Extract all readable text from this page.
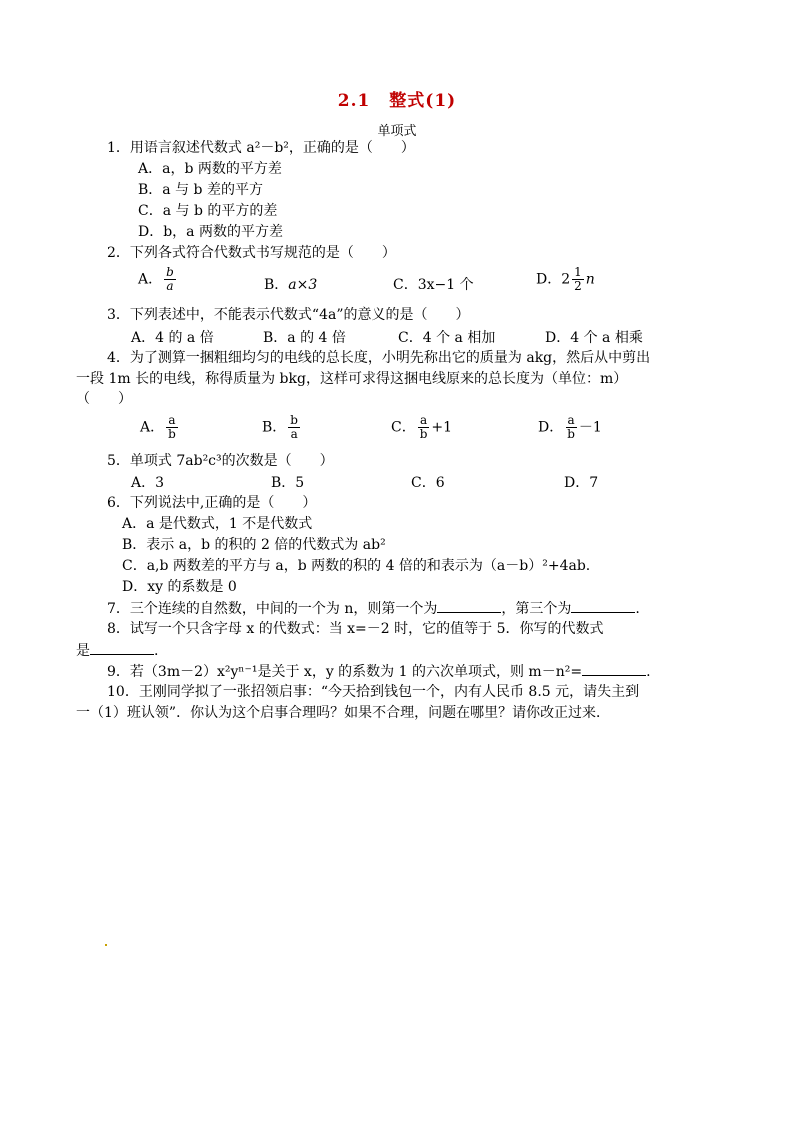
2.1 整式(1)
单项式
1．用语言叙述代数式 a²－b²，正确的是（　　）
A．a，b 两数的平方差
B．a 与 b 差的平方
C．a 与 b 的平方的差
D．b，a 两数的平方差
2．下列各式符合代数式书写规范的是（　　）
A． $\frac{b}{a}$	B．a×3	C．3x−1 个	D．$2 \frac{1}{2}$ n
3．下列表述中，不能表示代数式“4a”的意义的是（　　）
A．4 的 a 倍	B．a 的 4 倍	C．4 个 a 相加	D．4 个 a 相乘
4．为了测算一捆粗细均匀的电线的总长度，小明先称出它的质量为 akg，然后从中剪出
一段 1m 长的电线，称得质量为 bkg，这样可求得这捆电线原来的总长度为（单位：m）
（　　）
A． $\frac{a}{b}$	B． $\frac{b}{a}$	C． $\frac{a}{b} +1$	D． $\frac{a}{b} -1$
5．单项式 7ab²c³的次数是（　　）
A．3	B．5	C．6	D．7
6．下列说法中,正确的是（　　）
A．a 是代数式，1 不是代数式
B．表示 a，b 的积的 2 倍的代数式为 ab²
C．a,b 两数差的平方与 a，b 两数的积的 4 倍的和表示为（a－b）²+4ab.
D．xy 的系数是 0
7．三个连续的自然数，中间的一个为 n，则第一个为	，第三个为	.
8．试写一个只含字母 x 的代数式：当 x=－2 时，它的值等于 5．你写的代数式
是	.
9．若（3m－2）x²yⁿ⁻¹是关于 x，y 的系数为 1 的六次单项式，则 m－n²=	.
10．王刚同学拟了一张招领启事：“今天拾到钱包一个，内有人民币 8.5 元，请失主到
一（1）班认领”．你认为这个启事合理吗？如果不合理，问题在哪里？请你改正过来．
